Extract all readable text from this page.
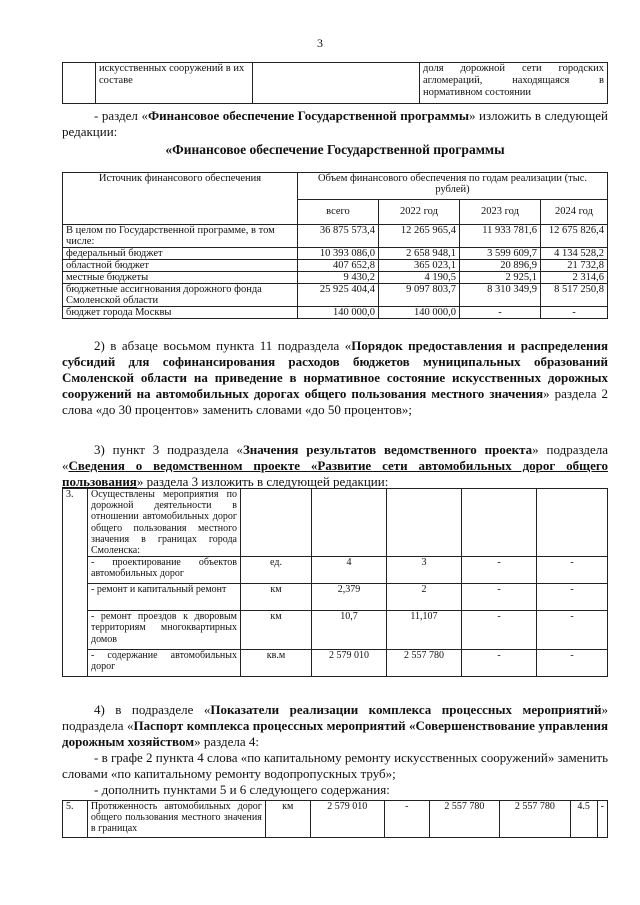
3
	искусственных сооружений в их составе		доля дорожной сети городских агломераций, находящаяся в нормативном состоянии

- раздел «Финансовое обеспечение Государственной программы» изложить в следующей редакции:

«Финансовое обеспечение Государственной программы
Источник финансового обеспечения	Объем финансового обеспечения по годам реализации (тыс. рублей)			
	всего	2022 год	2023 год	2024 год
В целом по Государственной программе, в том числе:	36 875 573,4	12 265 965,4	11 933 781,6	12 675 826,4
федеральный бюджет	10 393 086,0	2 658 948,1	3 599 609,7	4 134 528,2
областной бюджет	407 652,8	365 023,1	20 896,9	21 732,8
местные бюджеты	9 430,2	4 190,5	2 925,1	2 314,6
бюджетные ассигнования дорожного фонда Смоленской области	25 925 404,4	9 097 803,7	8 310 349,9	8 517 250,8
бюджет города Москвы	140 000,0	140 000,0	-	-

2) в абзаце восьмом пункта 11 подраздела «Порядок предоставления и распределения субсидий для софинансирования расходов бюджетов муниципальных образований Смоленской области на приведение в нормативное состояние искусственных дорожных сооружений на автомобильных дорогах общего пользования местного значения» раздела 2 слова «до 30 процентов» заменить словами «до 50 процентов»;

3) пункт 3 подраздела «Значения результатов ведомственного проекта» подраздела «Сведения о ведомственном проекте «Развитие сети автомобильных дорог общего пользования» раздела 3 изложить в следующей редакции:

3.	Осуществлены мероприятия по дорожной деятельности в отношении автомобильных дорог общего пользования местного значения в границах города Смоленска:					
	- проектирование объектов автомобильных дорог	ед.	4	3	-	-
	- ремонт и капитальный ремонт	км	2,379	2	-	-
	- ремонт проездов к дворовым территориям многоквартирных домов	км	10,7	11,107	-	-
	- содержание автомобильных дорог	кв.м	2 579 010	2 557 780	-	-

4) в подразделе «Показатели реализации комплекса процессных мероприятий» подраздела «Паспорт комплекса процессных мероприятий «Совершенствование управления дорожным хозяйством» раздела 4:

- в графе 2 пункта 4 слова «по капитальному ремонту искусственных сооружений» заменить словами «по капитальному ремонту водопропускных труб»;

- дополнить пунктами 5 и 6 следующего содержания:

5.	Протяженность автомобильных дорог общего пользования местного значения в границах	км	2 579 010	-	2 557 780	2 557 780	4.5	-
